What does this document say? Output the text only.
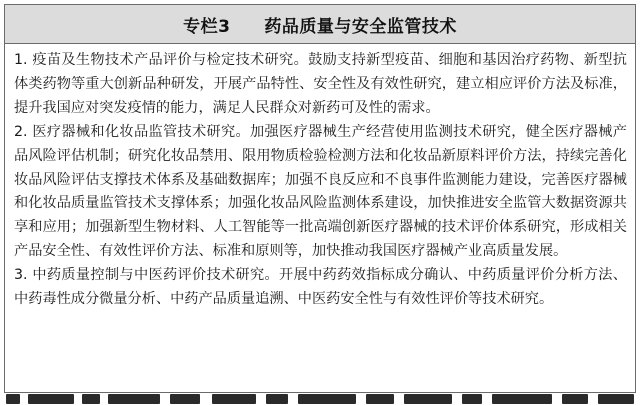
专栏3 药品质量与安全监管技术

1. 疫苗及生物技术产品评价与检定技术研究。鼓励支持新型疫苗、细胞和基因治疗药物、新型抗体类药物等重大创新品种研发，开展产品特性、安全性及有效性研究，建立相应评价方法及标准，提升我国应对突发疫情的能力，满足人民群众对新药可及性的需求。

2. 医疗器械和化妆品监管技术研究。加强医疗器械生产经营使用监测技术研究，健全医疗器械产品风险评估机制；研究化妆品禁用、限用物质检验检测方法和化妆品新原料评价方法，持续完善化妆品风险评估支撑技术体系及基础数据库；加强不良反应和不良事件监测能力建设，完善医疗器械和化妆品质量监管技术支撑体系；加强化妆品风险监测体系建设，加快推进安全监管大数据资源共享和应用；加强新型生物材料、人工智能等一批高端创新医疗器械的技术评价体系研究，形成相关产品安全性、有效性评价方法、标准和原则等，加快推动我国医疗器械产业高质量发展。

3. 中药质量控制与中医药评价技术研究。开展中药药效指标成分确认、中药质量评价分析方法、中药毒性成分微量分析、中药产品质量追溯、中医药安全性与有效性评价等技术研究。
